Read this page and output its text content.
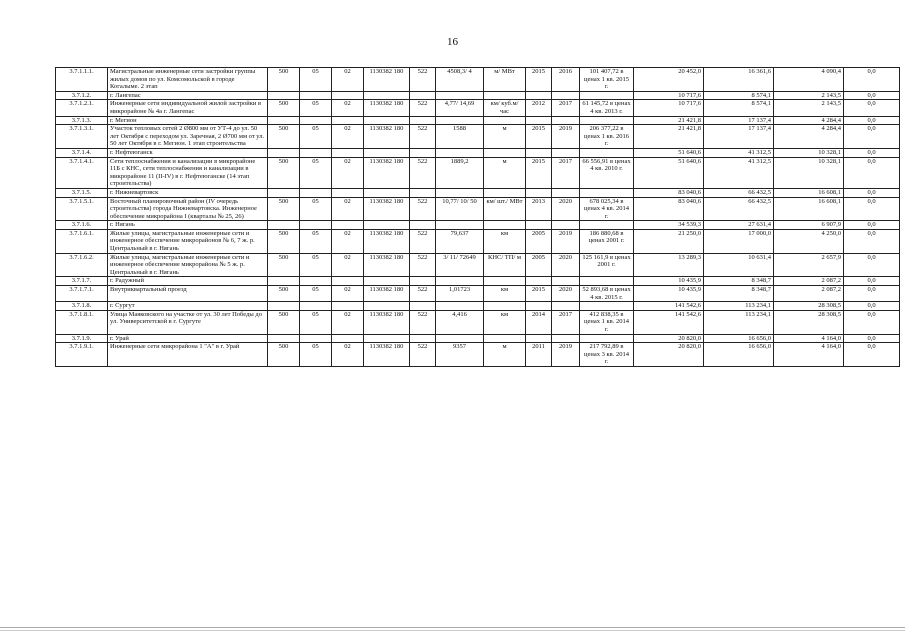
16
3.7.1.1.1.	Магистральные инженерные сети застройки группы жилых домов по ул. Комсомольской в городе Когалыме. 2 этап	500	05	02	1130382 180	522	4508,3/ 4	м/ МВт	2015	2016	101 407,72 в ценах 1 кв. 2015 г.	20 452,0	16 361,6	4 090,4	0,0
3.7.1.2.	г. Лангепас											10 717,6	8 574,1	2 143,5	0,0
3.7.1.2.1.	Инженерные сети индивидуальной жилой застройки в микрорайоне № 4а г. Лангепас	500	05	02	1130382 180	522	4,77/ 14,69	км/ куб.м/ час	2012	2017	61 145,72 в ценах 4 кв. 2013 г.	10 717,6	8 574,1	2 143,5	0,0
3.7.1.3.	г. Мегион											21 421,8	17 137,4	4 284,4	0,0
3.7.1.3.1.	Участок тепловых сетей 2 Ø800 мм от УТ-4 до ул. 50 лет Октября с переходом ул. Заречная, 2 Ø700 мм от ул. 50 лет Октября в г. Мегион. 1 этап строительства	500	05	02	1130382 180	522	1588	м	2015	2019	206 377,22 в ценах 1 кв. 2016 г.	21 421,8	17 137,4	4 284,4	0,0
3.7.1.4.	г. Нефтеюганск											51 640,6	41 312,5	10 328,1	0,0
3.7.1.4.1.	Сети теплоснабжения и канализации в микрорайоне 11Б с КНС, сети теплоснабжения и канализации в микрорайоне 11 (II-IV) в г. Нефтеюганске (14 этап строительства)	500	05	02	1130382 180	522	1889,2	м	2015	2017	66 556,91 в ценах 4 кв. 2010 г.	51 640,6	41 312,5	10 328,1	0,0
3.7.1.5.	г. Нижневартовск											83 040,6	66 432,5	16 608,1	0,0
3.7.1.5.1.	Восточный планировочный район (IV очередь строительства) города Нижневартовска. Инженерное обеспечение микрорайона I (кварталы № 25, 26)	500	05	02	1130382 180	522	10,77/ 10/ 50	км/ шт./ МВт	2013	2020	678 025,34 в ценах 4 кв. 2014 г.	83 040,6	66 432,5	16 608,1	0,0
3.7.1.6.	г. Нягань											34 539,3	27 631,4	6 907,9	0,0
3.7.1.6.1.	Жилые улицы, магистральные инженерные сети и инженерное обеспечение микрорайонов № 6, 7 ж. р. Центральный в г. Нягань	500	05	02	1130382 180	522	79,637	км	2005	2019	186 880,68 в ценах 2001 г.	21 250,0	17 000,0	4 250,0	0,0
3.7.1.6.2.	Жилые улицы, магистральные инженерные сети и инженерное обеспечение микрорайона № 5 ж. р. Центральный в г. Нягань	500	05	02	1130382 180	522	3/ 11/ 72649	КНС/ ТП/ м	2005	2020	125 161,9 в ценах 2001 г.	13 289,3	10 631,4	2 657,9	0,0
3.7.1.7.	г. Радужный											10 435,9	8 348,7	2 087,2	0,0
3.7.1.7.1.	Внутриквартальный проезд	500	05	02	1130382 180	522	1,01723	км	2015	2020	52 893,68 в ценах 4 кв. 2015 г.	10 435,9	8 348,7	2 087,2	0,0
3.7.1.8.	г. Сургут											141 542,6	113 234,1	28 308,5	0,0
3.7.1.8.1.	Улица Маяковского на участке от ул. 30 лет Победы до ул. Университетской в г. Сургуте	500	05	02	1130382 180	522	4,416	км	2014	2017	412 838,35 в ценах 1 кв. 2014 г.	141 542,6	113 234,1	28 308,5	0,0
3.7.1.9.	г. Урай											20 820,0	16 656,0	4 164,0	0,0
3.7.1.9.1.	Инженерные сети микрорайона 1 "А" в г. Урай	500	05	02	1130382 180	522	9357	м	2011	2019	217 792,89 в ценах 3 кв. 2014 г.	20 820,0	16 656,0	4 164,0	0,0
